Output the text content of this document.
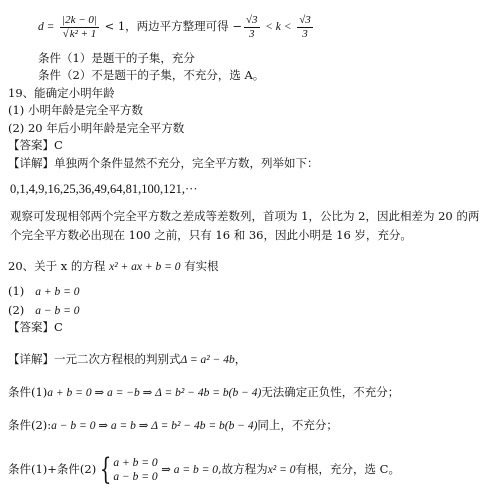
$d = \frac{|2k - 0|}{\text{√k² + 1}} < 1$，两边平方整理可得 − $\frac{√3}{3} < k < \frac{√3}{3}$
条件（1）是题干的子集，充分
条件（2）不是题干的子集，不充分，选 A。
19、能确定小明年龄
(1) 小明年龄是完全平方数
(2) 20 年后小明年龄是完全平方数
【答案】C
【详解】单独两个条件显然不充分，完全平方数，列举如下：
0,1,4,9,16,25,36,49,64,81,100,121,···
观察可发现相邻两个完全平方数之差成等差数列，首项为 1，公比为 2，因此相差为 20 的两
个完全平方数必出现在 100 之前，只有 16 和 36，因此小明是 16 岁，充分。
20、关于 x 的方程 x² + ax + b = 0 有实根
(1) a + b = 0
(2) a − b = 0
【答案】C
【详解】一元二次方程根的判别式Δ = a² − 4b，
条件(1)a + b = 0 ⇒ a = −b ⇒ Δ = b² − 4b = b(b − 4)无法确定正负性，不充分；
条件(2):a − b = 0 ⇒ a = b ⇒ Δ = b² − 4b = b(b − 4)同上，不充分；
条件(1)+条件(2) { a + b = 0
a − b = 0
⇒ a = b = 0,故方程为x² = 0有根，充分，选 C。
